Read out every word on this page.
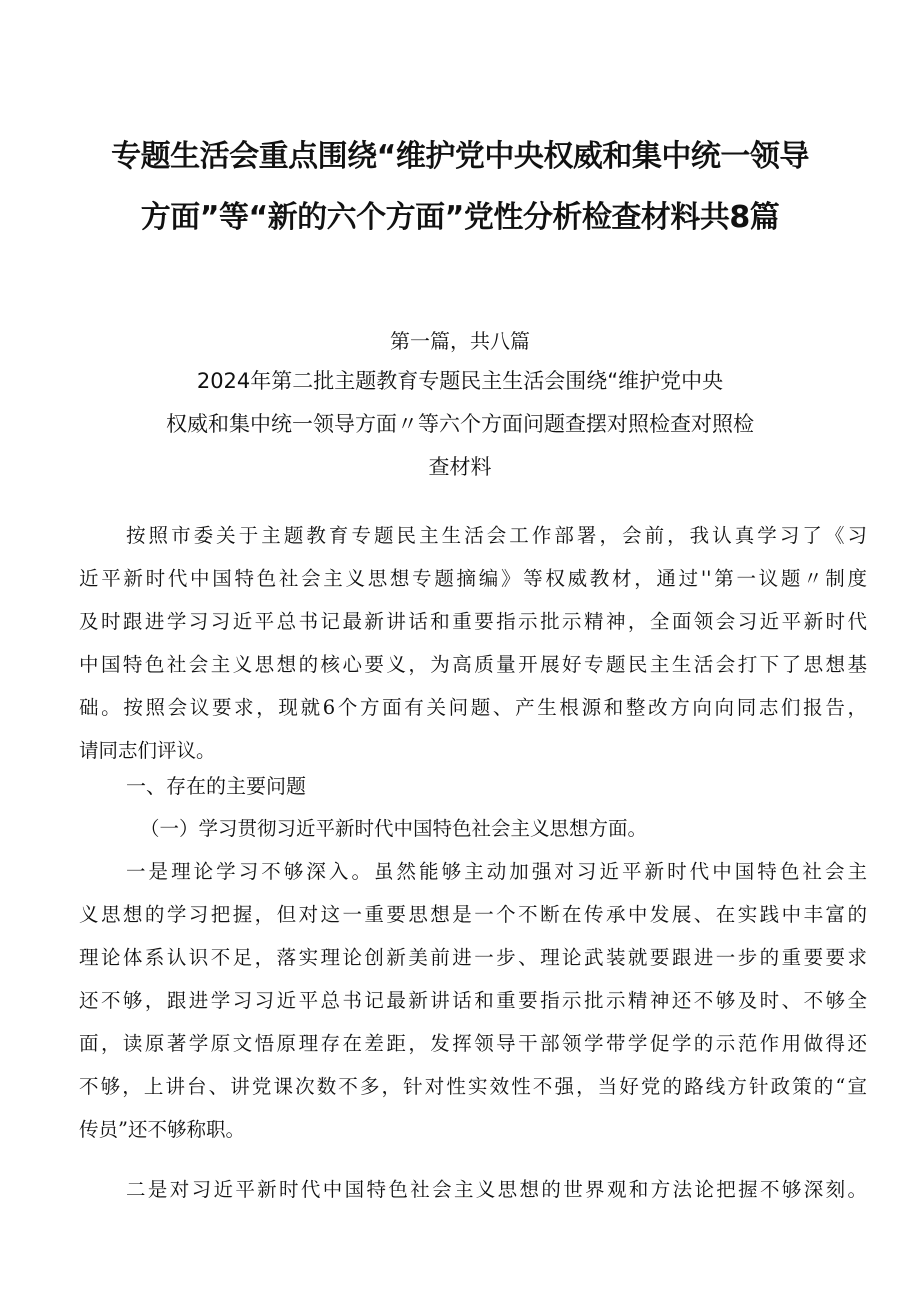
专题生活会重点围绕“维护党中央权威和集中统一领导
方面”等“新的六个方面”党性分析检查材料共8篇

第一篇，共八篇

2024年第二批主题教育专题民主生活会围绕“维护党中央

权威和集中统一领导方面〃等六个方面问题查摆对照检查对照检

查材料

按照市委关于主题教育专题民主生活会工作部署，会前，我认真学习了《习

近平新时代中国特色社会主义思想专题摘编》等权威教材，通过''第一议题〃制度

及时跟进学习习近平总书记最新讲话和重要指示批示精神，全面领会习近平新时代

中国特色社会主义思想的核心要义，为高质量开展好专题民主生活会打下了思想基

础。按照会议要求，现就6个方面有关问题、产生根源和整改方向向同志们报告，

请同志们评议。

一、存在的主要问题

（一）学习贯彻习近平新时代中国特色社会主义思想方面。

一是理论学习不够深入。虽然能够主动加强对习近平新时代中国特色社会主

义思想的学习把握，但对这一重要思想是一个不断在传承中发展、在实践中丰富的

理论体系认识不足，落实理论创新美前进一步、理论武装就要跟进一步的重要要求

还不够，跟进学习习近平总书记最新讲话和重要指示批示精神还不够及时、不够全

面，读原著学原文悟原理存在差距，发挥领导干部领学带学促学的示范作用做得还

不够，上讲台、讲党课次数不多，针对性实效性不强，当好党的路线方针政策的“宣

传员”还不够称职。

二是对习近平新时代中国特色社会主义思想的世界观和方法论把握不够深刻。
